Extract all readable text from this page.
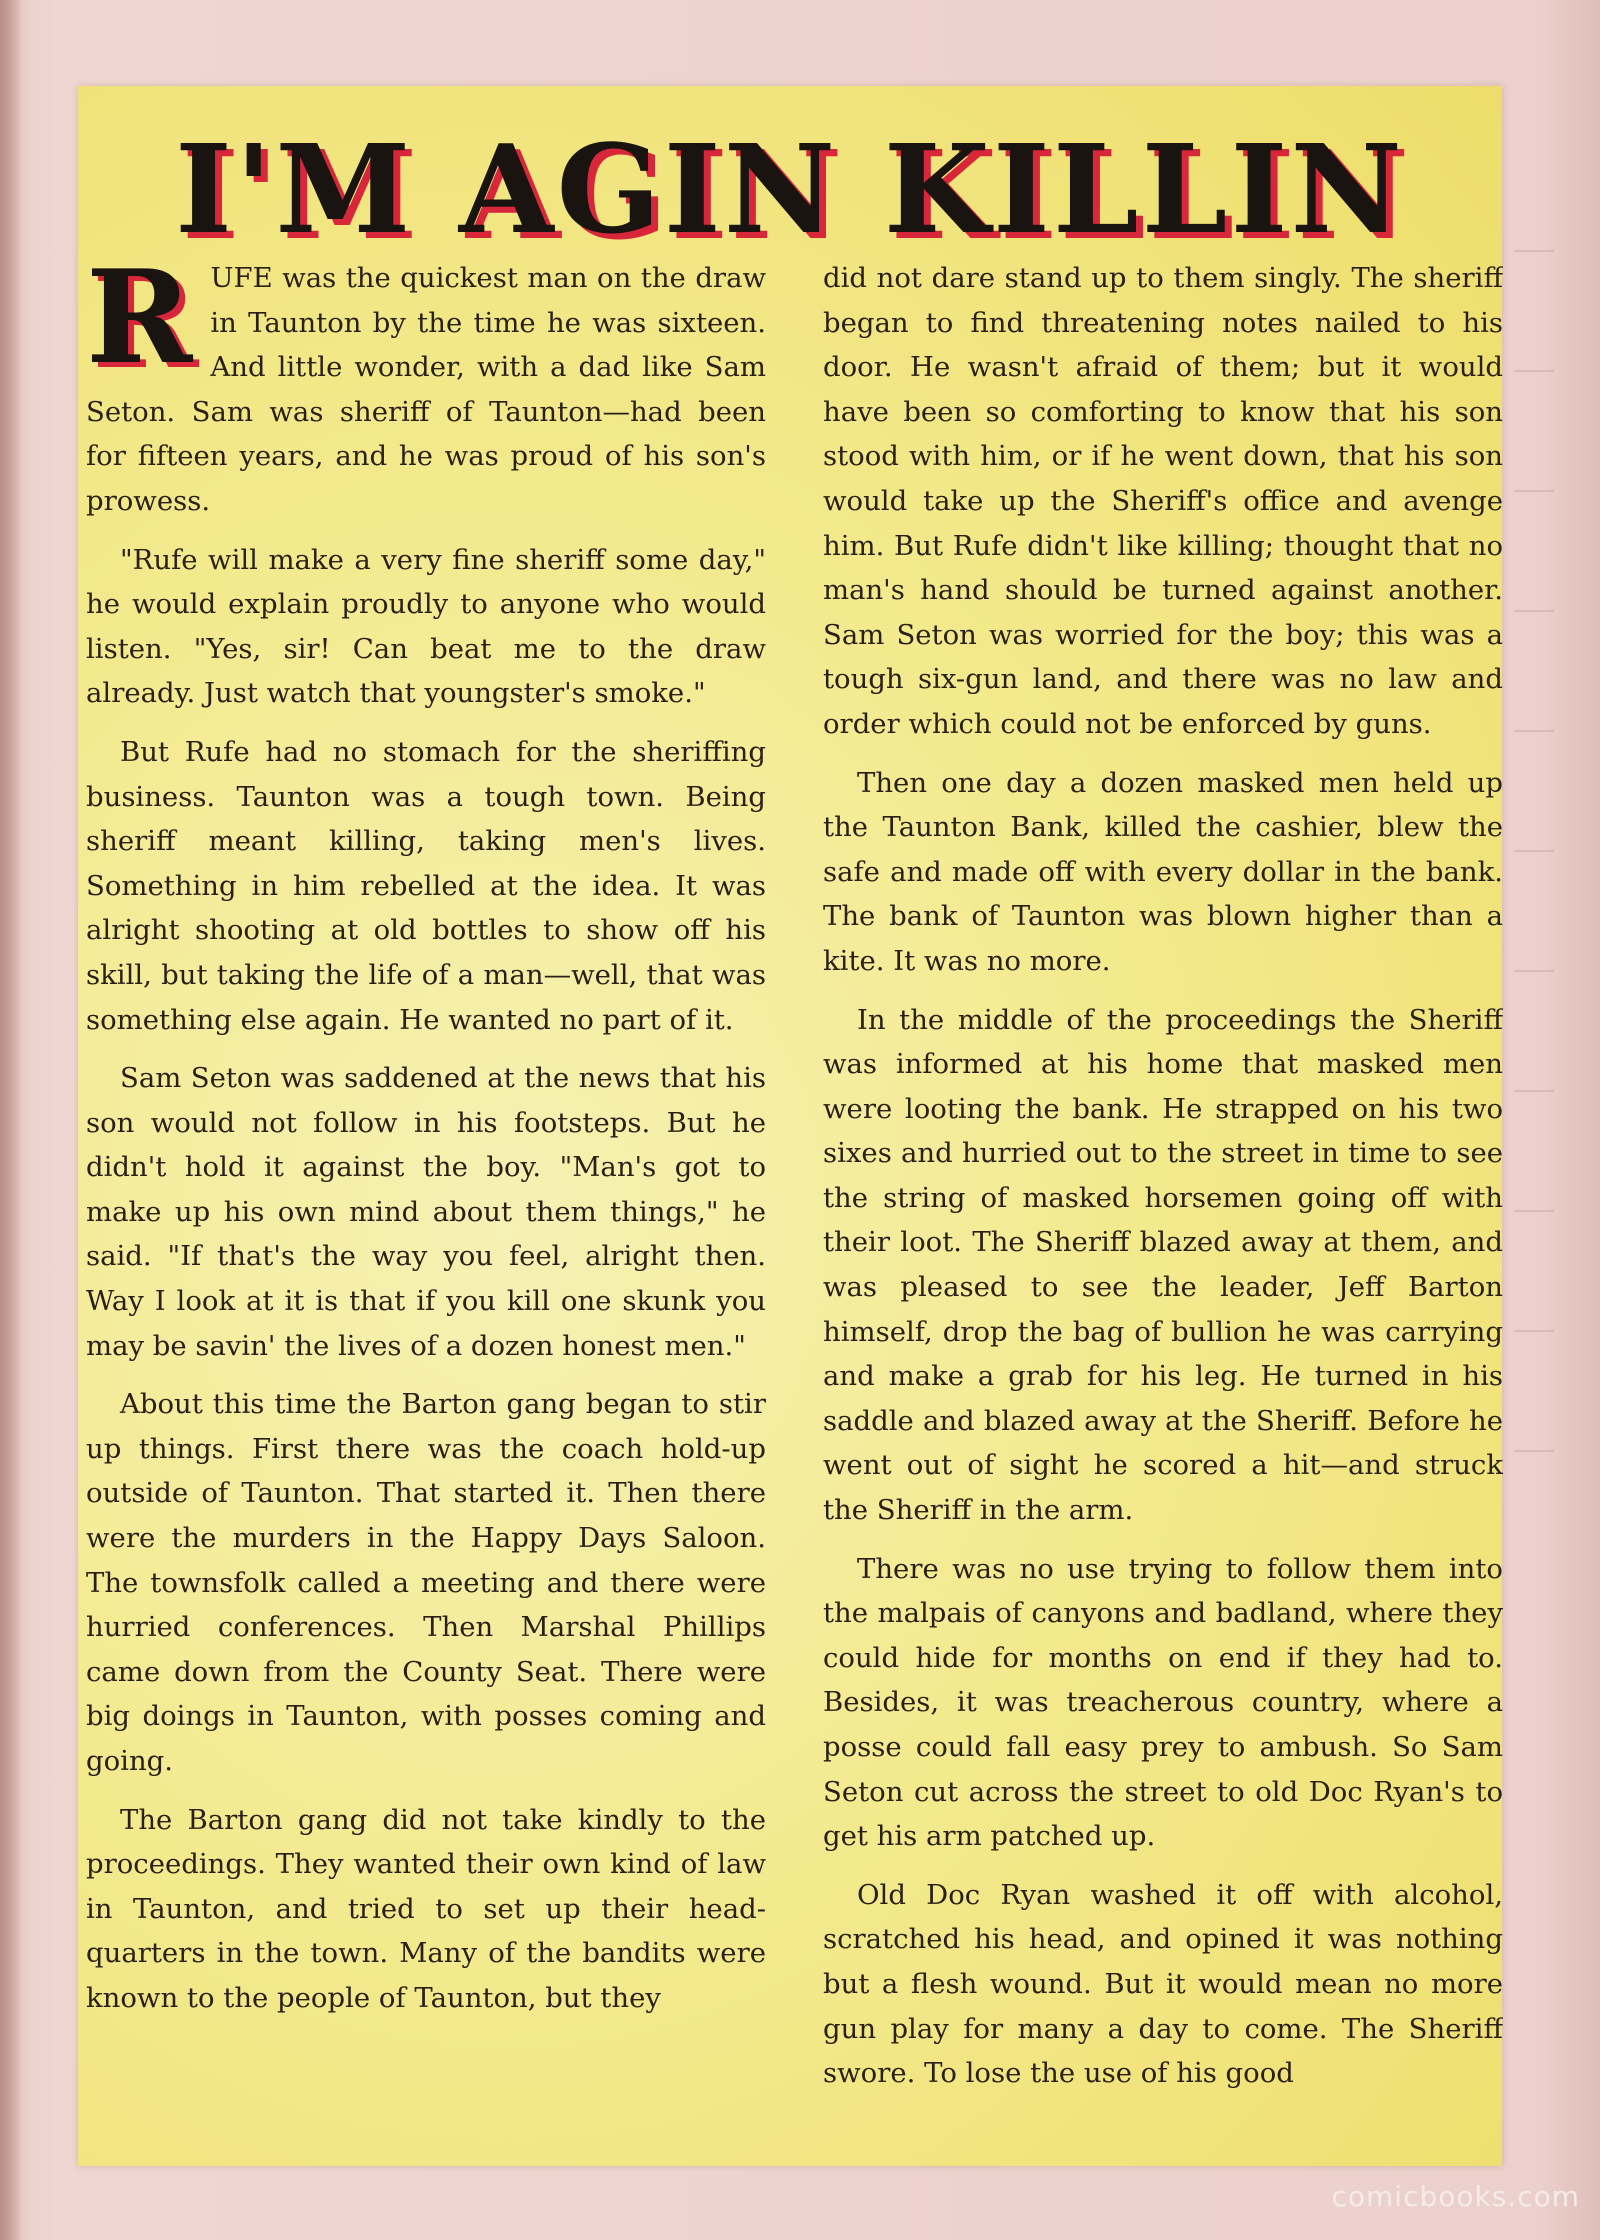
I'M AGIN KILLIN

RUFE was the quickest man on the draw in Taunton by the time he was sixteen. And little wonder, with a dad like Sam Seton. Sam was sheriff of Taunton—had been for fifteen years, and he was proud of his son's prowess.

"Rufe will make a very fine sheriff some day," he would explain proudly to anyone who would listen. "Yes, sir! Can beat me to the draw already. Just watch that youngster's smoke."

But Rufe had no stomach for the sheriffing business. Taunton was a tough town. Being sheriff meant killing, taking men's lives. Something in him rebelled at the idea. It was alright shooting at old bottles to show off his skill, but taking the life of a man—well, that was something else again. He wanted no part of it.

Sam Seton was saddened at the news that his son would not follow in his footsteps. But he didn't hold it against the boy. "Man's got to make up his own mind about them things," he said. "If that's the way you feel, alright then. Way I look at it is that if you kill one skunk you may be savin' the lives of a dozen honest men."

About this time the Barton gang began to stir up things. First there was the coach hold-up outside of Taunton. That started it. Then there were the murders in the Happy Days Saloon. The townsfolk called a meeting and there were hurried conferences. Then Marshal Phillips came down from the County Seat. There were big doings in Taunton, with posses coming and going.

The Barton gang did not take kindly to the proceedings. They wanted their own kind of law in Taunton, and tried to set up their head-quarters in the town. Many of the bandits were known to the people of Taunton, but they

did not dare stand up to them singly. The sheriff began to find threatening notes nailed to his door. He wasn't afraid of them; but it would have been so comforting to know that his son stood with him, or if he went down, that his son would take up the Sheriff's office and avenge him. But Rufe didn't like killing; thought that no man's hand should be turned against another. Sam Seton was worried for the boy; this was a tough six-gun land, and there was no law and order which could not be enforced by guns.

Then one day a dozen masked men held up the Taunton Bank, killed the cashier, blew the safe and made off with every dollar in the bank. The bank of Taunton was blown higher than a kite. It was no more.

In the middle of the proceedings the Sheriff was informed at his home that masked men were looting the bank. He strapped on his two sixes and hurried out to the street in time to see the string of masked horsemen going off with their loot. The Sheriff blazed away at them, and was pleased to see the leader, Jeff Barton himself, drop the bag of bullion he was carrying and make a grab for his leg. He turned in his saddle and blazed away at the Sheriff. Before he went out of sight he scored a hit—and struck the Sheriff in the arm.

There was no use trying to follow them into the malpais of canyons and badland, where they could hide for months on end if they had to. Besides, it was treacherous country, where a posse could fall easy prey to ambush. So Sam Seton cut across the street to old Doc Ryan's to get his arm patched up.

Old Doc Ryan washed it off with alcohol, scratched his head, and opined it was nothing but a flesh wound. But it would mean no more gun play for many a day to come. The Sheriff swore. To lose the use of his good

comicbooks.com
